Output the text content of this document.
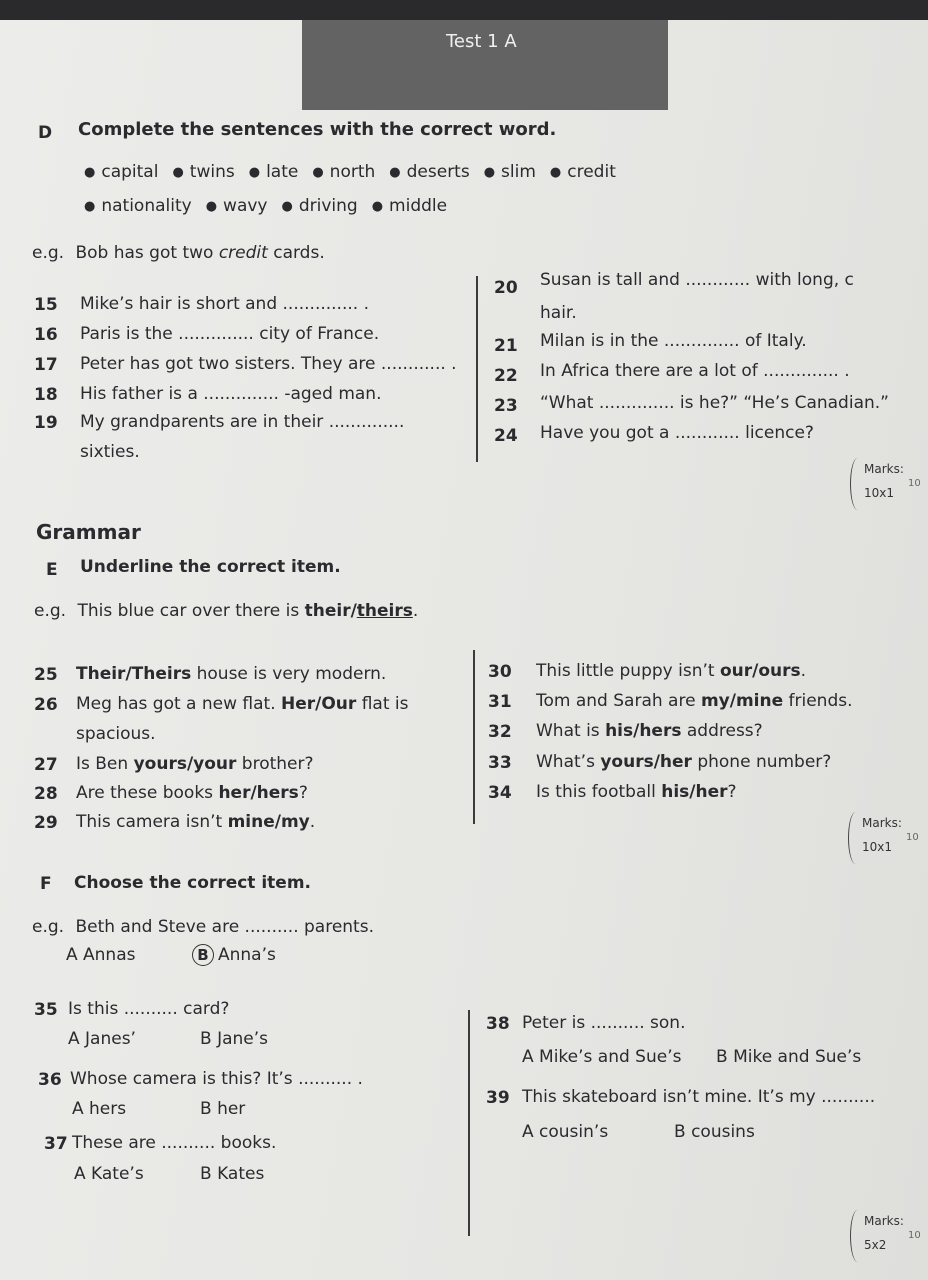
Test 1 A
D Complete the sentences with the correct word.
● capital ● twins ● late ● north ● deserts ● slim ● credit
● nationality ● wavy ● driving ● middle
e.g. Bob has got two credit cards.
15 Mike’s hair is short and .............. .
16 Paris is the .............. city of France.
17 Peter has got two sisters. They are ............ .
18 His father is a .............. -aged man.
19 My grandparents are in their ..............
sixties.
20 Susan is tall and ............ with long, c
hair.
21 Milan is in the .............. of Italy.
22 In Africa there are a lot of .............. .
23 “What .............. is he?” “He’s Canadian.”
24 Have you got a ............ licence?
Marks:
10x1
10
Grammar
E Underline the correct item.
e.g. This blue car over there is their/theirs.
25 Their/Theirs house is very modern.
26 Meg has got a new flat. Her/Our flat is
spacious.
27 Is Ben yours/your brother?
28 Are these books her/hers?
29 This camera isn’t mine/my.
30 This little puppy isn’t our/ours.
31 Tom and Sarah are my/mine friends.
32 What is his/hers address?
33 What’s yours/her phone number?
34 Is this football his/her?
Marks:
10x1
10
F Choose the correct item.
e.g. Beth and Steve are .......... parents.
A Annas	B Anna’s
35 Is this .......... card?
A Janes’	B Jane’s
36 Whose camera is this? It’s .......... .
A hers	B her
37 These are .......... books.
A Kate’s	B Kates
38 Peter is .......... son.
A Mike’s and Sue’s B Mike and Sue’s
39 This skateboard isn’t mine. It’s my ..........
A cousin’s	B cousins
Marks:
5x2
10
